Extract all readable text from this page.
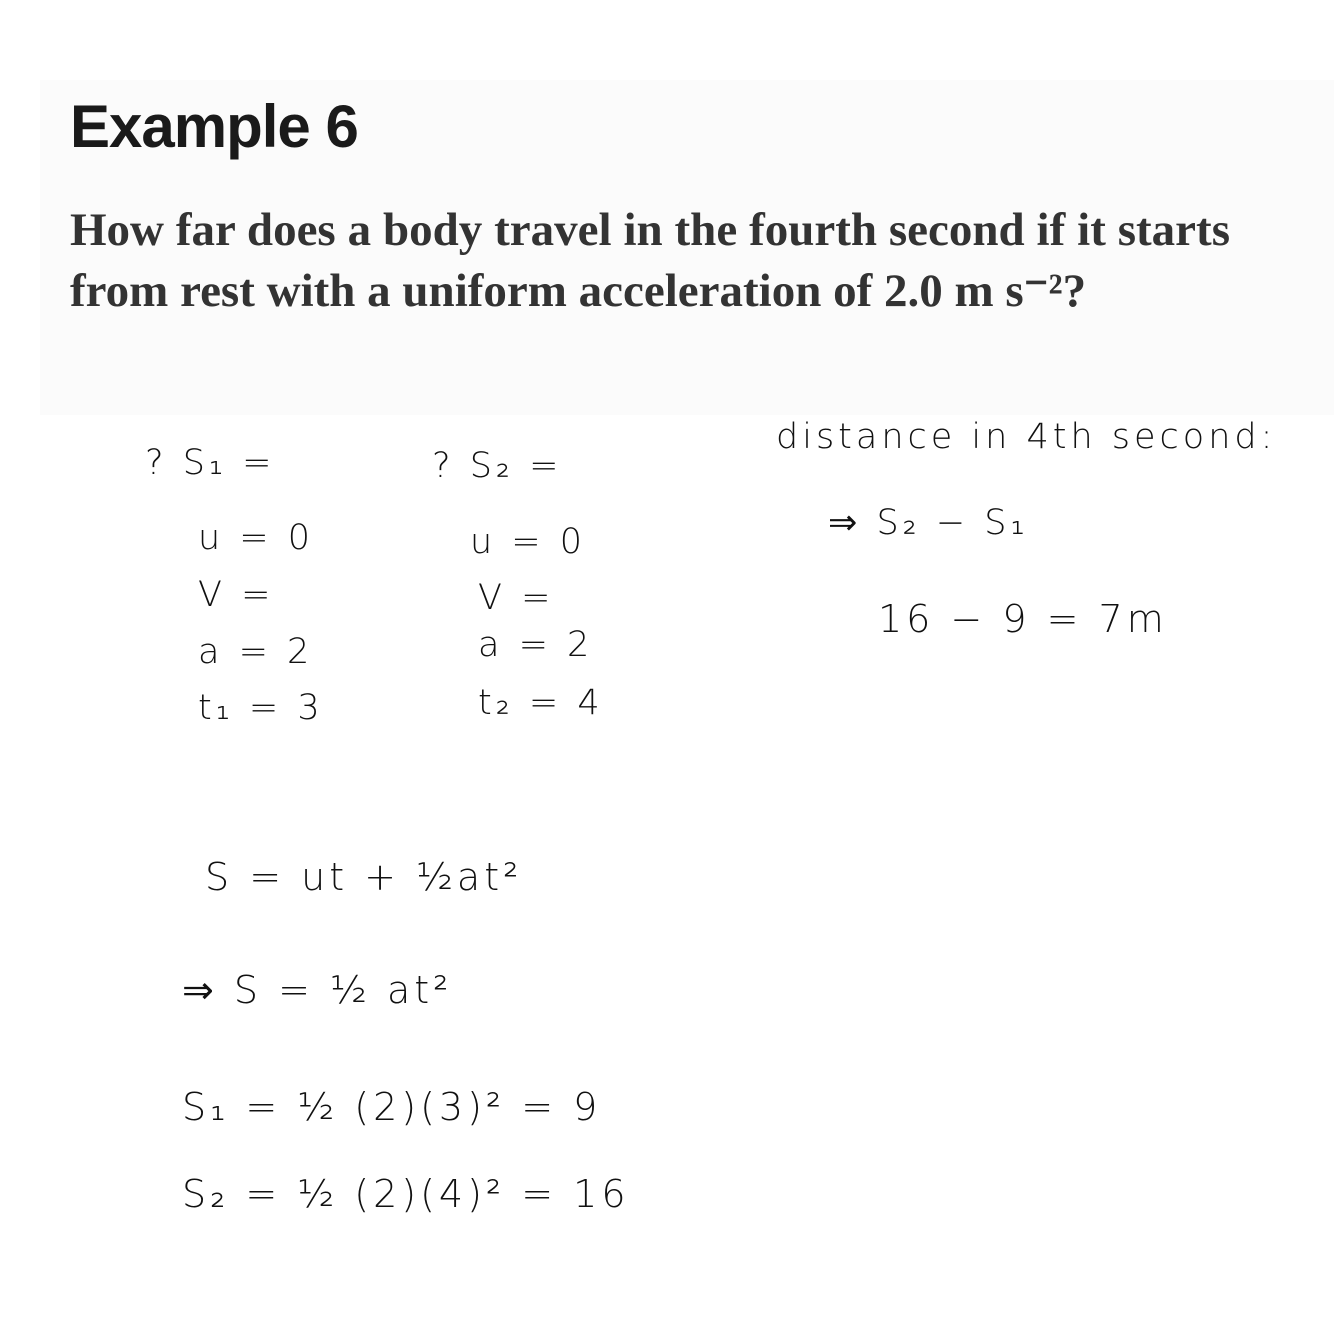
Example 6

How far does a body travel in the fourth second if it starts from rest with a uniform acceleration of 2.0 m s⁻²?

? S₁ =
u = 0
V =
a = 2
t₁ = 3
? S₂ =
u = 0
V =
a = 2
t₂ = 4
distance in 4th second:
⇒ S₂ − S₁
16 − 9 = 7m
S = ut + ½at²
⇒ S = ½ at²
S₁ = ½ (2)(3)² = 9
S₂ = ½ (2)(4)² = 16
